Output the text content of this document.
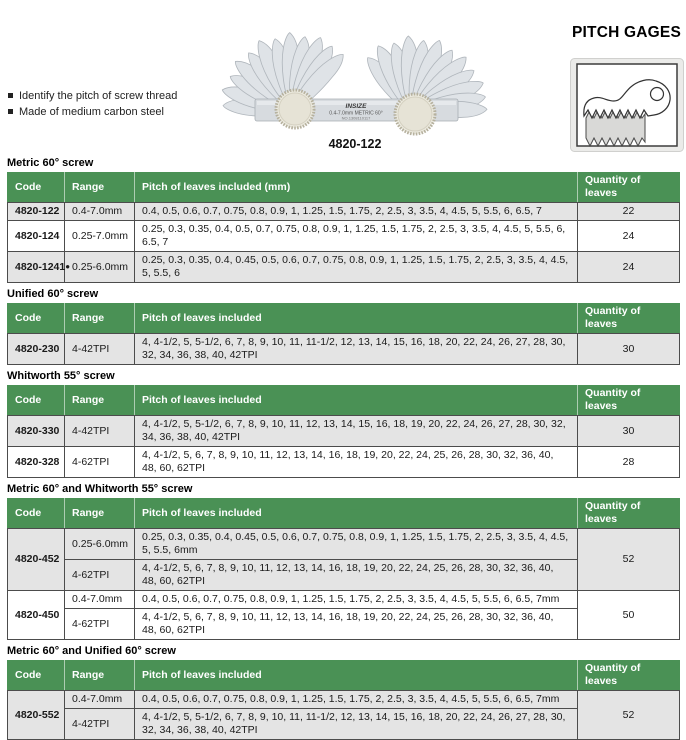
Identify the pitch of screw thread
Made of medium carbon steel
PITCH GAGES
INSIZE
0.4-7.0mm METRIC 60°
NO.1308110117
4820-122
Metric 60° screw
Code	Range	Pitch of leaves included (mm)	Quantity of leaves
4820-122	0.4-7.0mm	0.4, 0.5, 0.6, 0.7, 0.75, 0.8, 0.9, 1, 1.25, 1.5, 1.75, 2, 2.5, 3, 3.5, 4, 4.5, 5, 5.5, 6, 6.5, 7	22
4820-124	0.25-7.0mm	0.25, 0.3, 0.35, 0.4, 0.5, 0.7, 0.75, 0.8, 0.9, 1, 1.25, 1.5, 1.75, 2, 2.5, 3, 3.5, 4, 4.5, 5, 5.5, 6, 6.5, 7	24
4820-1241●	0.25-6.0mm	0.25, 0.3, 0.35, 0.4, 0.45, 0.5, 0.6, 0.7, 0.75, 0.8, 0.9, 1, 1.25, 1.5, 1.75, 2, 2.5, 3, 3.5, 4, 4.5, 5, 5.5, 6	24
Unified 60° screw
Code	Range	Pitch of leaves included	Quantity of leaves
4820-230	4-42TPI	4, 4-1/2, 5, 5-1/2, 6, 7, 8, 9, 10, 11, 11-1/2, 12, 13, 14, 15, 16, 18, 20, 22, 24, 26, 27, 28, 30, 32, 34, 36, 38, 40, 42TPI	30
Whitworth 55° screw
Code	Range	Pitch of leaves included	Quantity of leaves
4820-330	4-42TPI	4, 4-1/2, 5, 5-1/2, 6, 7, 8, 9, 10, 11, 12, 13, 14, 15, 16, 18, 19, 20, 22, 24, 26, 27, 28, 30, 32, 34, 36, 38, 40, 42TPI	30
4820-328	4-62TPI	4, 4-1/2, 5, 6, 7, 8, 9, 10, 11, 12, 13, 14, 16, 18, 19, 20, 22, 24, 25, 26, 28, 30, 32, 36, 40, 48, 60, 62TPI	28
Metric 60° and Whitworth 55° screw
Code	Range	Pitch of leaves included	Quantity of leaves
4820-452	0.25-6.0mm	0.25, 0.3, 0.35, 0.4, 0.45, 0.5, 0.6, 0.7, 0.75, 0.8, 0.9, 1, 1.25, 1.5, 1.75, 2, 2.5, 3, 3.5, 4, 4.5, 5, 5.5, 6mm	52
	4-62TPI	4, 4-1/2, 5, 6, 7, 8, 9, 10, 11, 12, 13, 14, 16, 18, 19, 20, 22, 24, 25, 26, 28, 30, 32, 36, 40, 48, 60, 62TPI	
4820-450	0.4-7.0mm	0.4, 0.5, 0.6, 0.7, 0.75, 0.8, 0.9, 1, 1.25, 1.5, 1.75, 2, 2.5, 3, 3.5, 4, 4.5, 5, 5.5, 6, 6.5, 7mm	50
	4-62TPI	4, 4-1/2, 5, 6, 7, 8, 9, 10, 11, 12, 13, 14, 16, 18, 19, 20, 22, 24, 25, 26, 28, 30, 32, 36, 40, 48, 60, 62TPI	
Metric 60° and Unified 60° screw
Code	Range	Pitch of leaves included	Quantity of leaves
4820-552	0.4-7.0mm	0.4, 0.5, 0.6, 0.7, 0.75, 0.8, 0.9, 1, 1.25, 1.5, 1.75, 2, 2.5, 3, 3.5, 4, 4.5, 5, 5.5, 6, 6.5, 7mm	52
	4-42TPI	4, 4-1/2, 5, 5-1/2, 6, 7, 8, 9, 10, 11, 11-1/2, 12, 13, 14, 15, 16, 18, 20, 22, 24, 26, 27, 28, 30, 32, 34, 36, 38, 40, 42TPI	
